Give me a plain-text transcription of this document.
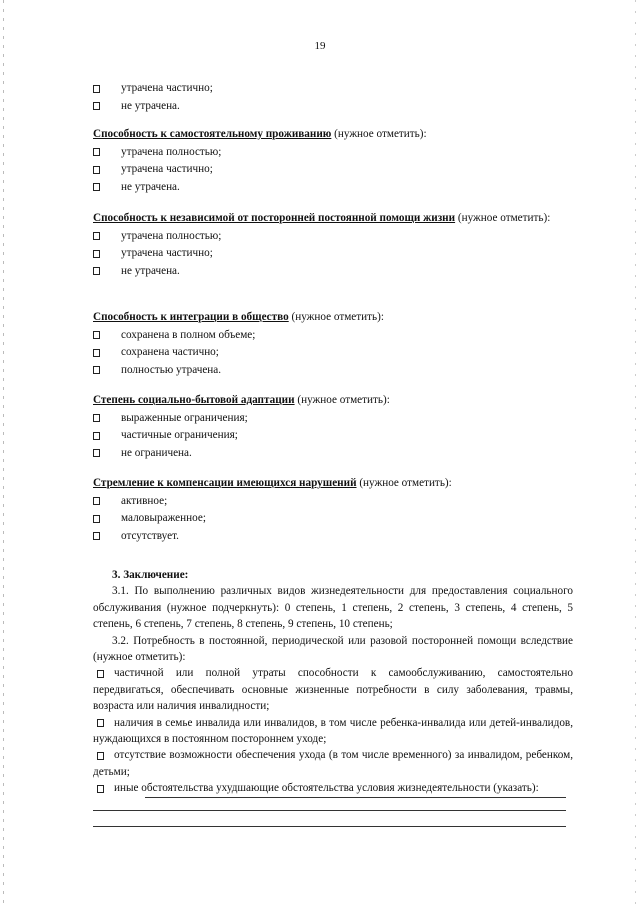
19
утрачена частично;
не утрачена.
Способность к самостоятельному проживанию (нужное отметить):
утрачена полностью;
утрачена частично;
не утрачена.
Способность к независимой от посторонней постоянной помощи жизни (нужное отметить):
утрачена полностью;
утрачена частично;
не утрачена.
Способность к интеграции в общество (нужное отметить):
сохранена в полном объеме;
сохранена частично;
полностью утрачена.
Степень социально-бытовой адаптации (нужное отметить):
выраженные ограничения;
частичные ограничения;
не ограничена.
Стремление к компенсации имеющихся нарушений (нужное отметить):
активное;
маловыраженное;
отсутствует.
3. Заключение:
3.1. По выполнению различных видов жизнедеятельности для предоставления социального обслуживания (нужное подчеркнуть): 0 степень, 1 степень, 2 степень, 3 степень, 4 степень, 5 степень, 6 степень, 7 степень, 8 степень, 9 степень, 10 степень;
3.2. Потребность в постоянной, периодической или разовой посторонней помощи вследствие (нужное отметить):
частичной или полной утраты способности к самообслуживанию, самостоятельно передвигаться, обеспечивать основные жизненные потребности в силу заболевания, травмы, возраста или наличия инвалидности;
наличия в семье инвалида или инвалидов, в том числе ребенка-инвалида или детей-инвалидов, нуждающихся в постоянном постороннем уходе;
отсутствие возможности обеспечения ухода (в том числе временного) за инвалидом, ребенком, детьми;
иные обстоятельства ухудшающие обстоятельства условия жизнедеятельности (указать):
